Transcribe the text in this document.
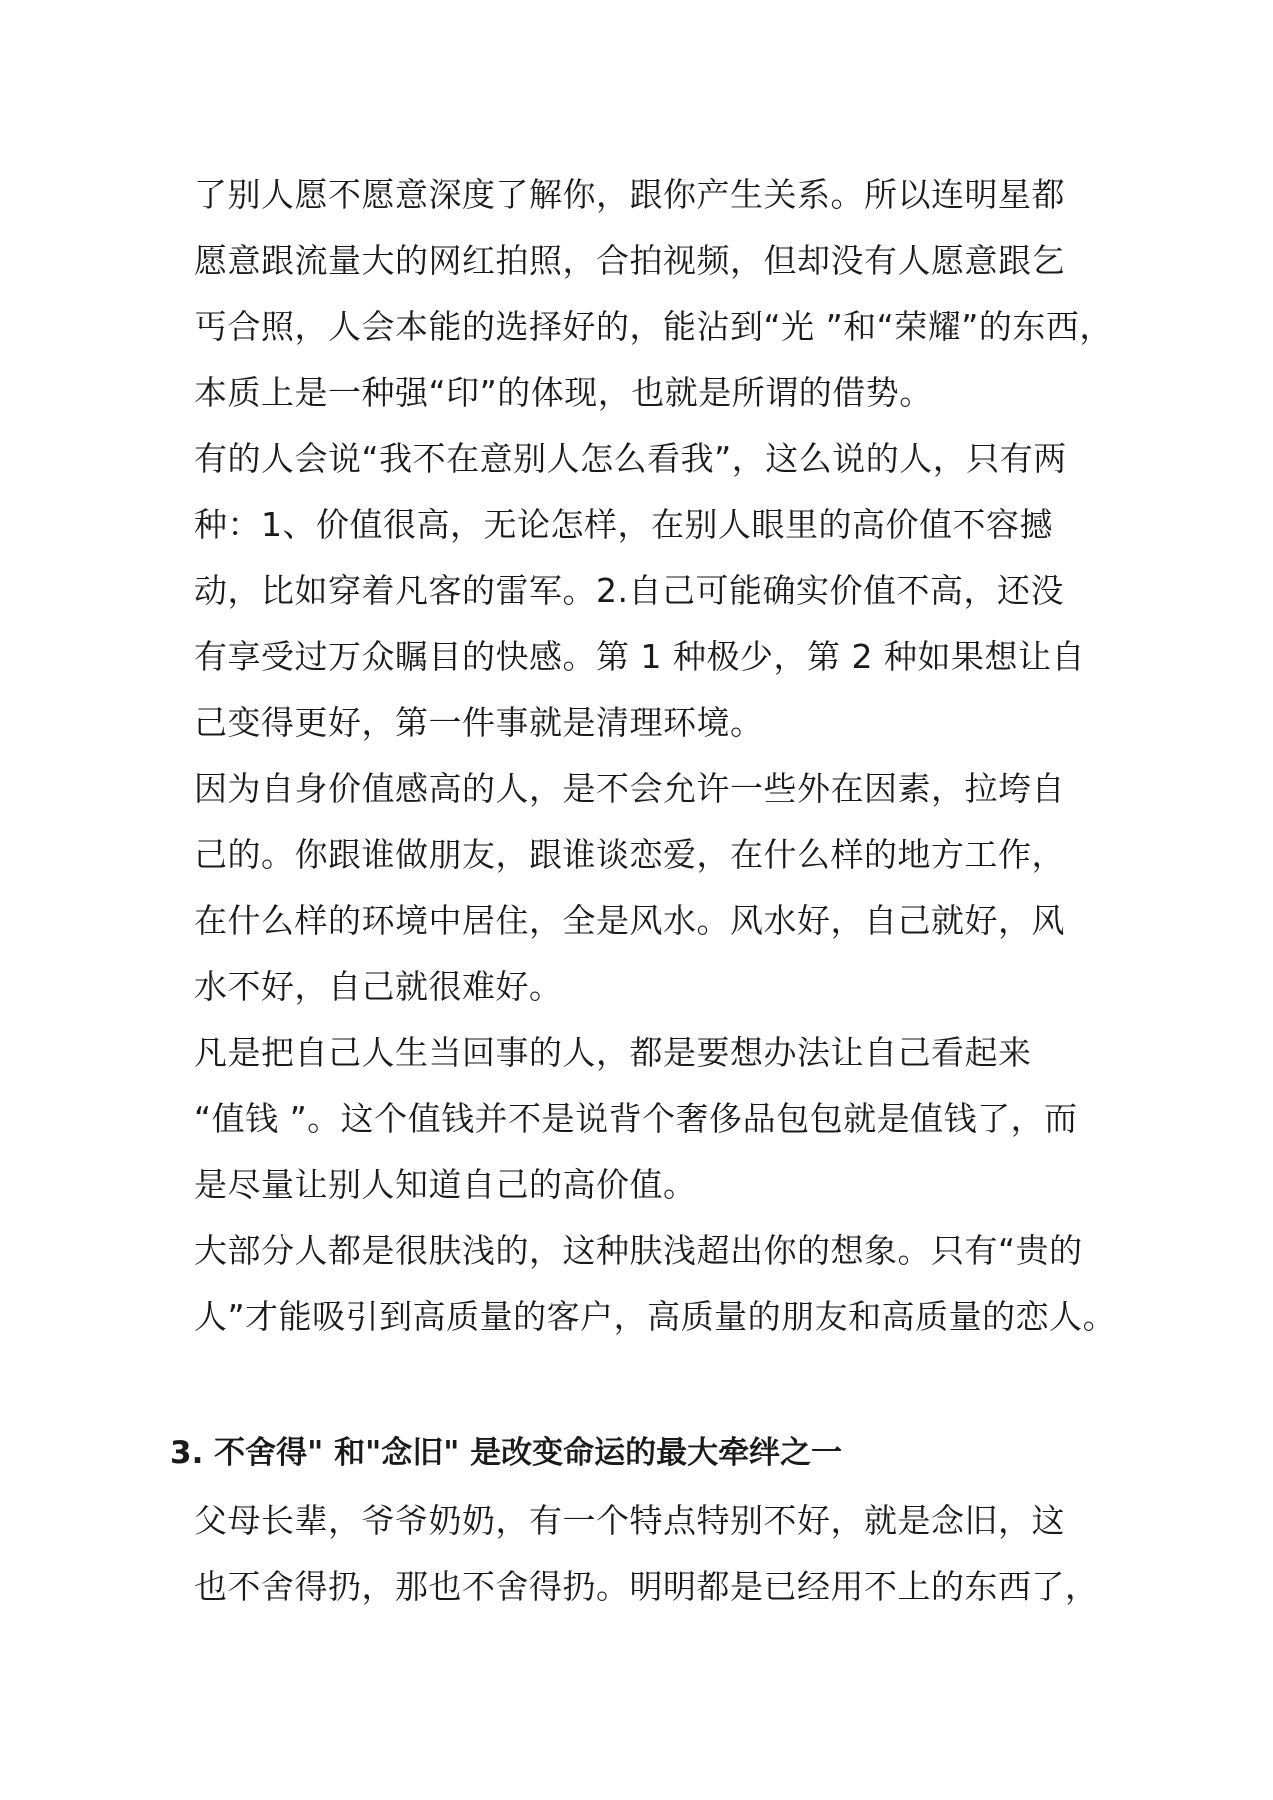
了别人愿不愿意深度了解你，跟你产生关系。所以连明星都
愿意跟流量大的网红拍照，合拍视频，但却没有人愿意跟乞
丐合照，人会本能的选择好的，能沾到“光 ”和“荣耀”的东西，
本质上是一种强“印”的体现，也就是所谓的借势。
有的人会说“我不在意别人怎么看我”，这么说的人，只有两
种：1、价值很高，无论怎样，在别人眼里的高价值不容撼
动，比如穿着凡客的雷军。2.自己可能确实价值不高，还没
有享受过万众瞩目的快感。第 1 种极少，第 2 种如果想让自
己变得更好，第一件事就是清理环境。
因为自身价值感高的人，是不会允许一些外在因素，拉垮自
己的。你跟谁做朋友，跟谁谈恋爱，在什么样的地方工作，
在什么样的环境中居住，全是风水。风水好，自己就好，风
水不好，自己就很难好。
凡是把自己人生当回事的人，都是要想办法让自己看起来
“值钱 ”。这个值钱并不是说背个奢侈品包包就是值钱了，而
是尽量让别人知道自己的高价值。
大部分人都是很肤浅的，这种肤浅超出你的想象。只有“贵的
人”才能吸引到高质量的客户，高质量的朋友和高质量的恋人。
3. 不舍得" 和"念旧" 是改变命运的最大牵绊之一
父母长辈，爷爷奶奶，有一个特点特别不好，就是念旧，这
也不舍得扔，那也不舍得扔。明明都是已经用不上的东西了，
